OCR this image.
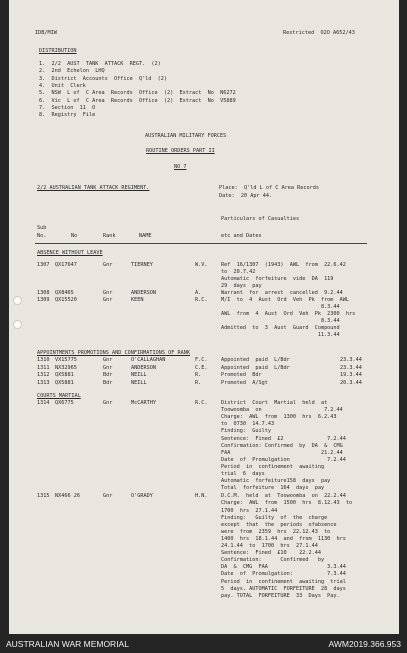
IDB/MIW	Restricted  O2O A652/43
DISTRIBUTION
1.  2/2  AUST  TANK  ATTACK  REGT.  (2)
2.  2nd  Echelon  LHQ
3.  District  Accounts  Office  Q'ld  (2)
4.  Unit  Clerk
5.  NSW  L of  C Area  Records  Office  (2)  Extract  No  N6272
6.  Vic  L of  C Area  Records  Office  (2)  Extract  No  V5889
7.  Section  11  O
8.  Registry  File
AUSTRALIAN MILITARY FORCES
ROUTINE ORDERS PART II
NO 7
2/2 AUSTRALIAN TANK ATTACK REGIMENT.	Place:  Q'ld L of C Area Records
Date:  20 Apr 44.
Particulars of Casualties
Sub
No.	No	Rank	NAME	etc and Dates
ABSENCE WITHOUT LEAVE
APPOINTMENTS PROMOTIONS AND CONFIRMATIONS OF RANK
COURTS MARTIAL
1307 QX17647	Gnr	TIERNEY	W.V.	Ref  16/1307  (1943)  AWL  from  22.6.42
to  20.7.42
Automatic  forfeiture  vide  DA  119
29  days  pay
1308 QX8465	Gnr	ANDERSON	A.	Warrant  for  arrest  cancelled  9.2.44
1309 QX15520	Gnr	KEEN	R.C.	M/I  to  4  Aust  Ord  Veh  Pk  from  AWL
8.3.44
AWL  from  4  Aust  Ord  Veh  Pk  2300  hrs
8.3.44
Admitted  to  3  Aust  Guard  Compound
11.3.44
1310 VX15775	Gnr	O'CALLAGHAN	F.C.	Appointed  paid  L/Bdr	23.3.44
1311 NX32965	Gnr	ANDERSON	C.E.	Appointed  paid  L/Bdr	23.3.44
1312 QX5881	Bdr	NEILL	R.	Promoted  Bdr	19.3.44
1313 QX5881	Bdr	NEILL	R.	Promoted  A/Sgt	20.3.44
1314 QX6775	Gnr	McCARTHY	R.C.	District  Court  Martial  held  at
Toowoomba  on                    7.2.44
Charge:  AWL  from  1300  hrs  6.2.43
to  0730  14.7.43
Finding:  Guilty
Sentence:  Fined  £2              7.2.44
Confirmation: Confirmed  by  DA  &  CMG
FAA                             21.2.44
Date  of  Promulgation            7.2.44
Period  in  confinement  awaiting
trial  6  days
Automatic  forfeiture158  days  pay
Total  forfeiture  164  days  pay
1315 NX466 26	Gnr	O'GRADY	H.N.	D.C.M.  held  at  Toowoomba  on  22.2.44
Charge:  AWL  from  1500  hrs  8.12.43  to
1700  hrs  27.1.44
Finding:   Guilty  of  the  charge
except  that  the  periods  ofabsence
were  from  2359  hrs  22.12.43  to
1400  hrs  18.1.44  and  from  1130  hrs
24.1.44  to  1700  hrs  27.1.44
Sentence:  Fined  £10    22.2.44
Confirmation:      Confirmed   by
DA  &  CMG  FAA                   3.3.44
Date  of  Promulgation:           7.3.44
Period  in  confinement  awaiting  trial
5  days. AUTOMATIC  FORFEITURE  28  days
pay. TOTAL  FORFEITURE  33  Days  Pay.
AUSTRALIAN WAR MEMORIAL	AWM2019.366.953
